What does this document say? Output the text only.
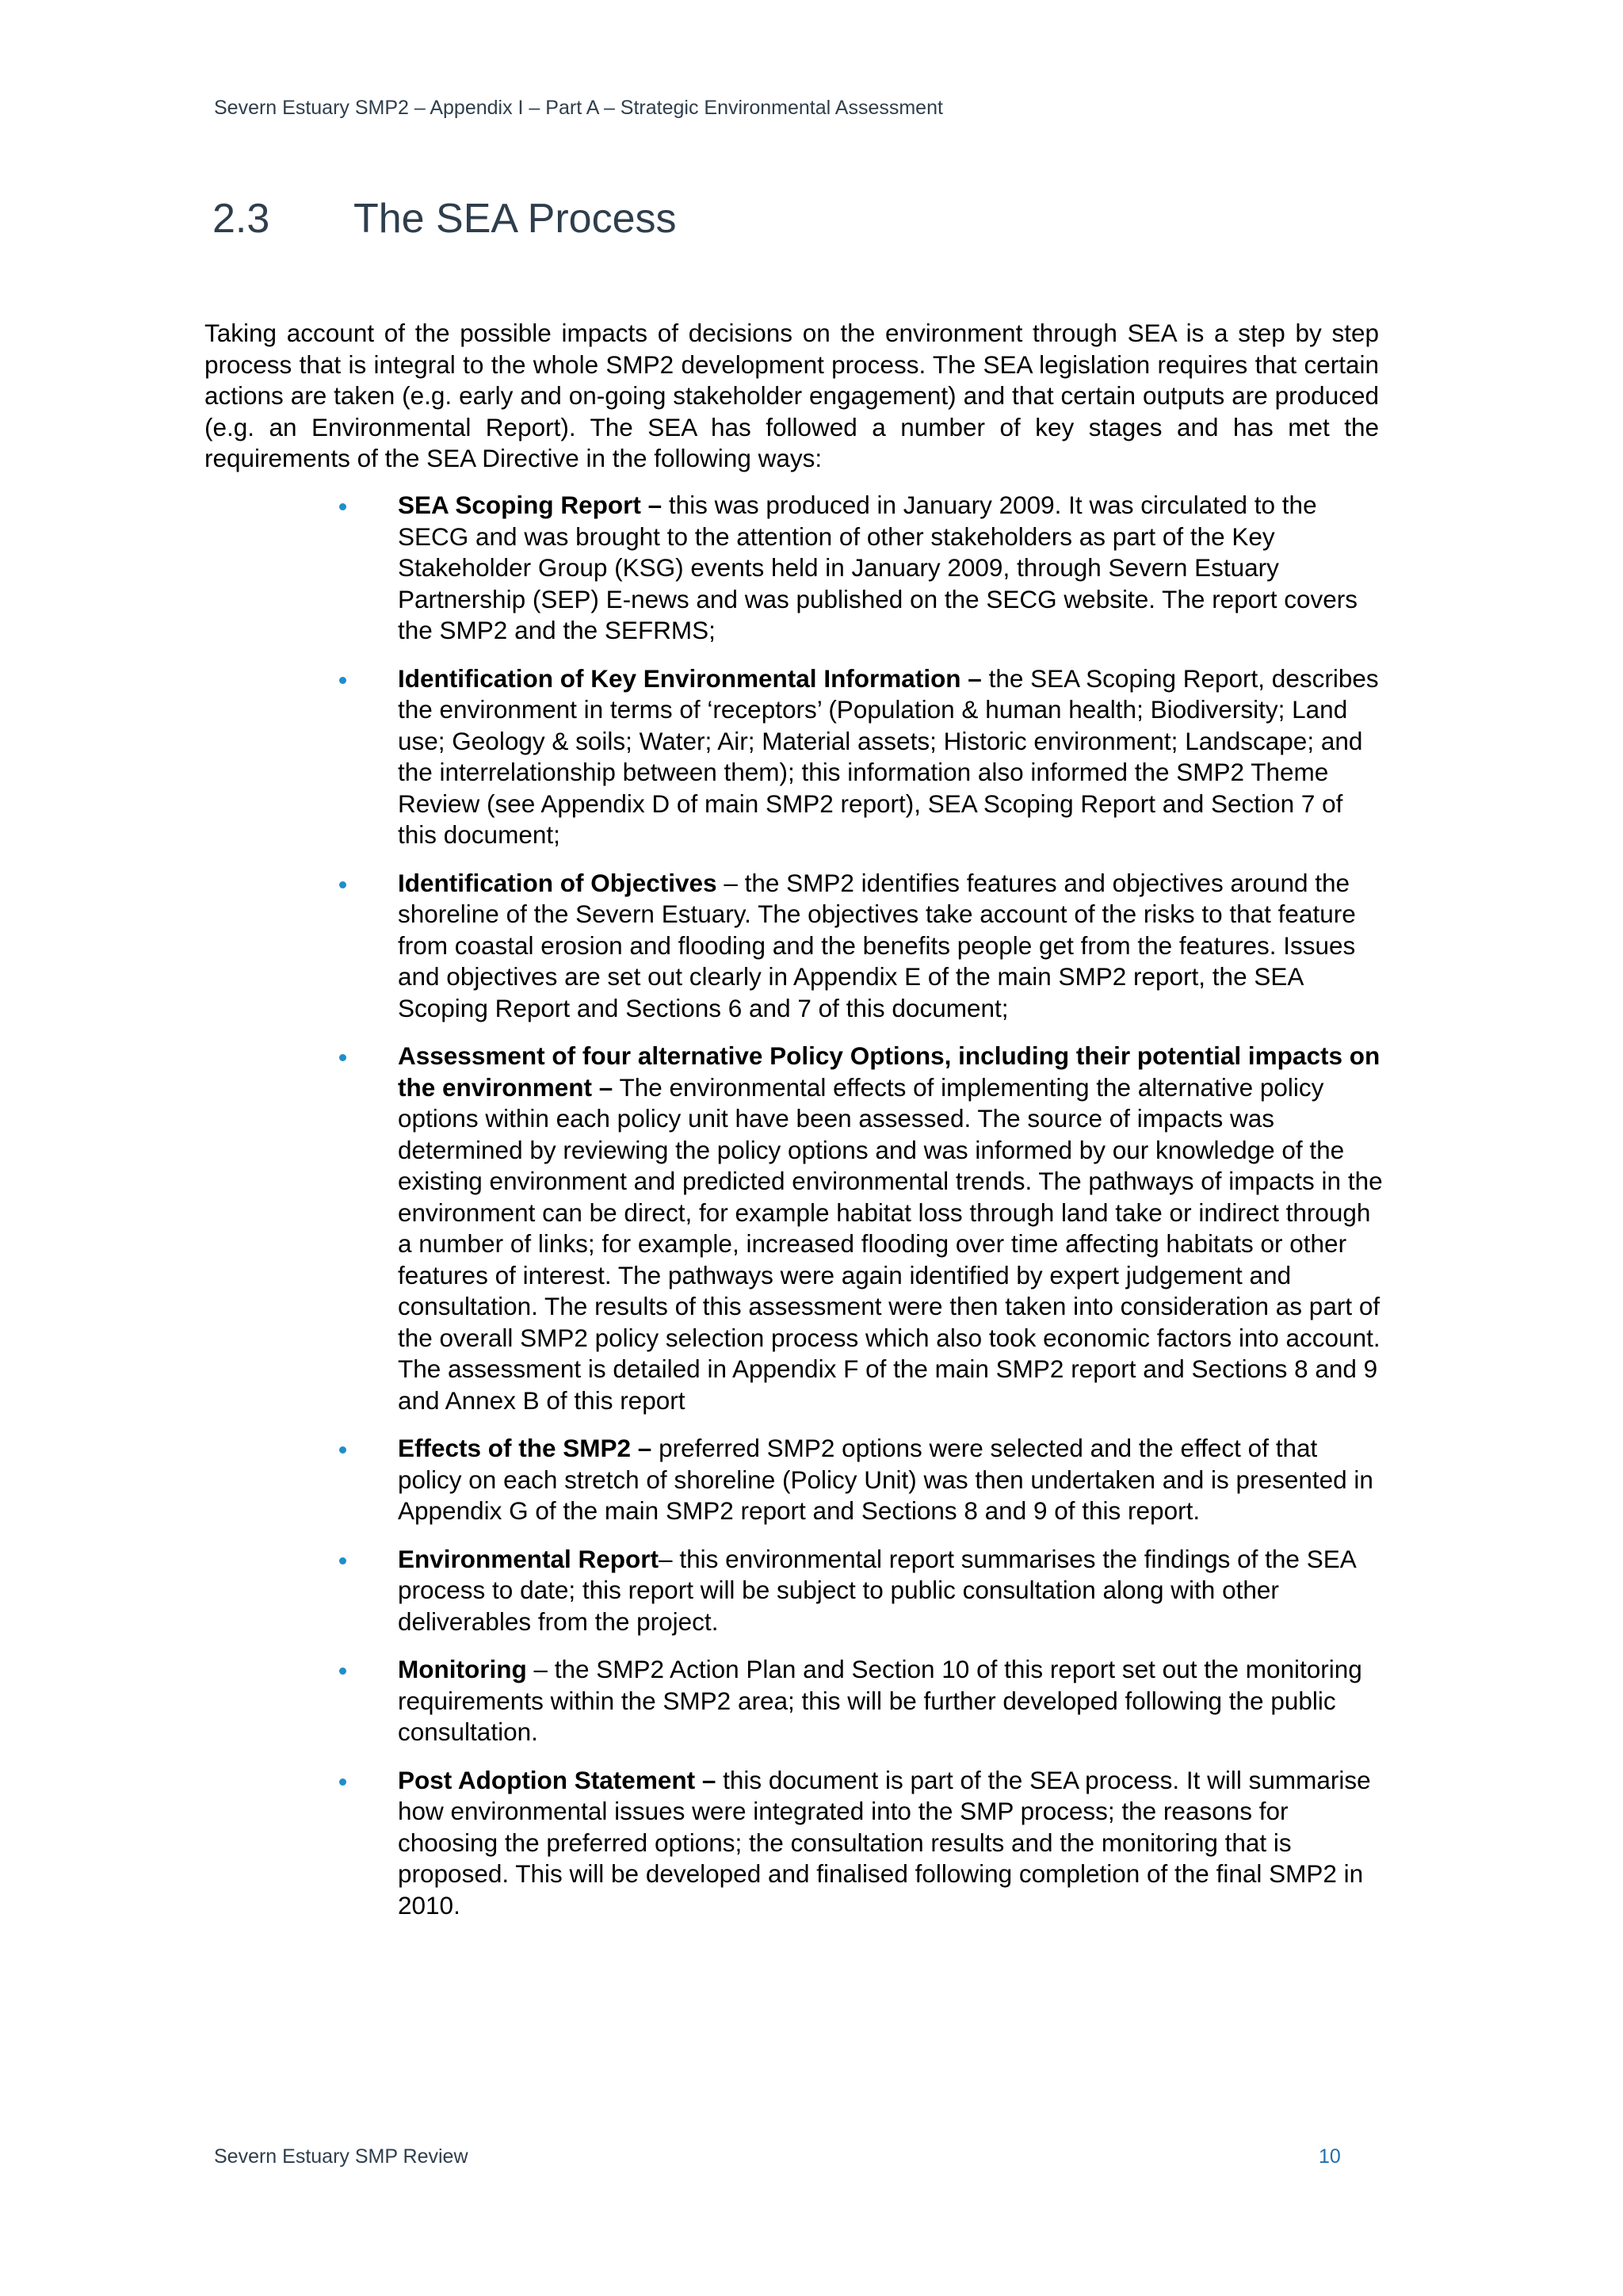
Severn Estuary SMP2 – Appendix I – Part A – Strategic Environmental Assessment
2.3 The SEA Process

Taking account of the possible impacts of decisions on the environment through SEA is a step by step process that is integral to the whole SMP2 development process. The SEA legislation requires that certain actions are taken (e.g. early and on-going stakeholder engagement) and that certain outputs are produced (e.g. an Environmental Report). The SEA has followed a number of key stages and has met the requirements of the SEA Directive in the following ways:

SEA Scoping Report – this was produced in January 2009. It was circulated to the SECG and was brought to the attention of other stakeholders as part of the Key Stakeholder Group (KSG) events held in January 2009, through Severn Estuary Partnership (SEP) E-news and was published on the SECG website. The report covers the SMP2 and the SEFRMS;
Identification of Key Environmental Information – the SEA Scoping Report, describes the environment in terms of ‘receptors’ (Population & human health; Biodiversity; Land use; Geology & soils; Water; Air; Material assets; Historic environment; Landscape; and the interrelationship between them); this information also informed the SMP2 Theme Review (see Appendix D of main SMP2 report), SEA Scoping Report and Section 7 of this document;
Identification of Objectives – the SMP2 identifies features and objectives around the shoreline of the Severn Estuary. The objectives take account of the risks to that feature from coastal erosion and flooding and the benefits people get from the features. Issues and objectives are set out clearly in Appendix E of the main SMP2 report, the SEA Scoping Report and Sections 6 and 7 of this document;
Assessment of four alternative Policy Options, including their potential impacts on the environment – The environmental effects of implementing the alternative policy options within each policy unit have been assessed. The source of impacts was determined by reviewing the policy options and was informed by our knowledge of the existing environment and predicted environmental trends. The pathways of impacts in the environment can be direct, for example habitat loss through land take or indirect through a number of links; for example, increased flooding over time affecting habitats or other features of interest. The pathways were again identified by expert judgement and consultation. The results of this assessment were then taken into consideration as part of the overall SMP2 policy selection process which also took economic factors into account. The assessment is detailed in Appendix F of the main SMP2 report and Sections 8 and 9 and Annex B of this report
Effects of the SMP2 – preferred SMP2 options were selected and the effect of that policy on each stretch of shoreline (Policy Unit) was then undertaken and is presented in Appendix G of the main SMP2 report and Sections 8 and 9 of this report.
Environmental Report– this environmental report summarises the findings of the SEA process to date; this report will be subject to public consultation along with other deliverables from the project.
Monitoring – the SMP2 Action Plan and Section 10 of this report set out the monitoring requirements within the SMP2 area; this will be further developed following the public consultation.
Post Adoption Statement – this document is part of the SEA process. It will summarise how environmental issues were integrated into the SMP process; the reasons for choosing the preferred options; the consultation results and the monitoring that is proposed. This will be developed and finalised following completion of the final SMP2 in 2010.
Severn Estuary SMP Review	10
